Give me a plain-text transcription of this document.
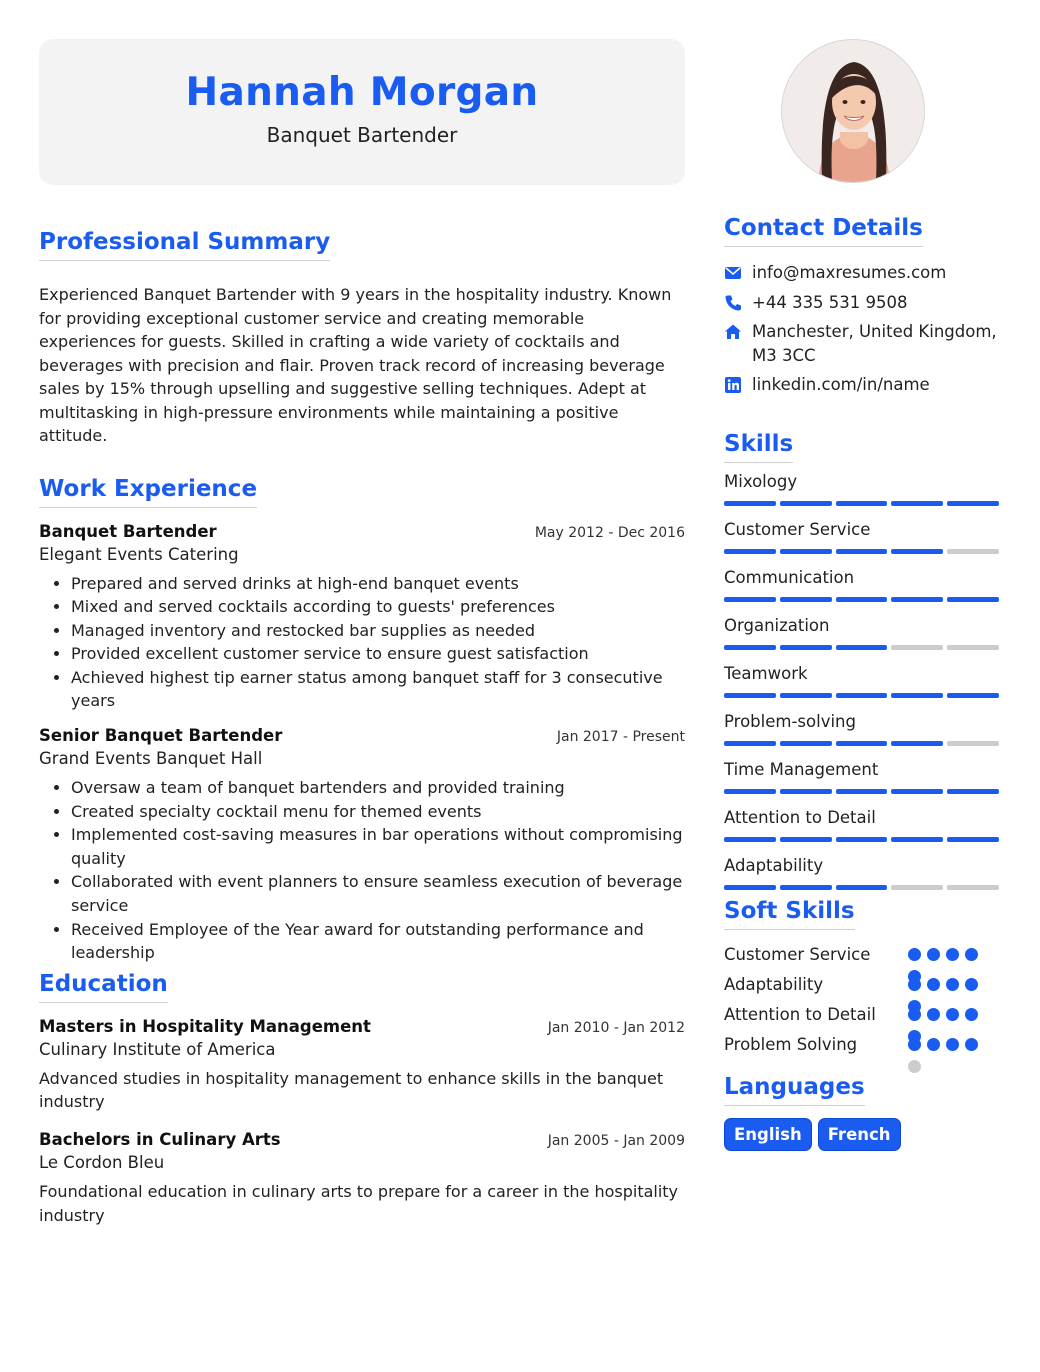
Hannah Morgan
Banquet Bartender
Professional Summary
Experienced Banquet Bartender with 9 years in the hospitality industry. Known for providing exceptional customer service and creating memorable experiences for guests. Skilled in crafting a wide variety of cocktails and beverages with precision and flair. Proven track record of increasing beverage sales by 15% through upselling and suggestive selling techniques. Adept at multitasking in high-pressure environments while maintaining a positive attitude.
Work Experience
Banquet Bartender	May 2012 - Dec 2016
Elegant Events Catering
• Prepared and served drinks at high-end banquet events
• Mixed and served cocktails according to guests' preferences
• Managed inventory and restocked bar supplies as needed
• Provided excellent customer service to ensure guest satisfaction
• Achieved highest tip earner status among banquet staff for 3 consecutive years
Senior Banquet Bartender	Jan 2017 - Present
Grand Events Banquet Hall
• Oversaw a team of banquet bartenders and provided training
• Created specialty cocktail menu for themed events
• Implemented cost-saving measures in bar operations without compromising quality
• Collaborated with event planners to ensure seamless execution of beverage service
• Received Employee of the Year award for outstanding performance and leadership
Education
Masters in Hospitality Management	Jan 2010 - Jan 2012
Culinary Institute of America
Advanced studies in hospitality management to enhance skills in the banquet industry
Bachelors in Culinary Arts	Jan 2005 - Jan 2009
Le Cordon Bleu
Foundational education in culinary arts to prepare for a career in the hospitality industry
Contact Details
info@maxresumes.com
+44 335 531 9508
Manchester, United Kingdom, M3 3CC
linkedin.com/in/name
Skills
Mixology
Customer Service
Communication
Organization
Teamwork
Problem-solving
Time Management
Attention to Detail
Adaptability
Soft Skills
Customer Service
Adaptability
Attention to Detail
Problem Solving
Languages
English	French
